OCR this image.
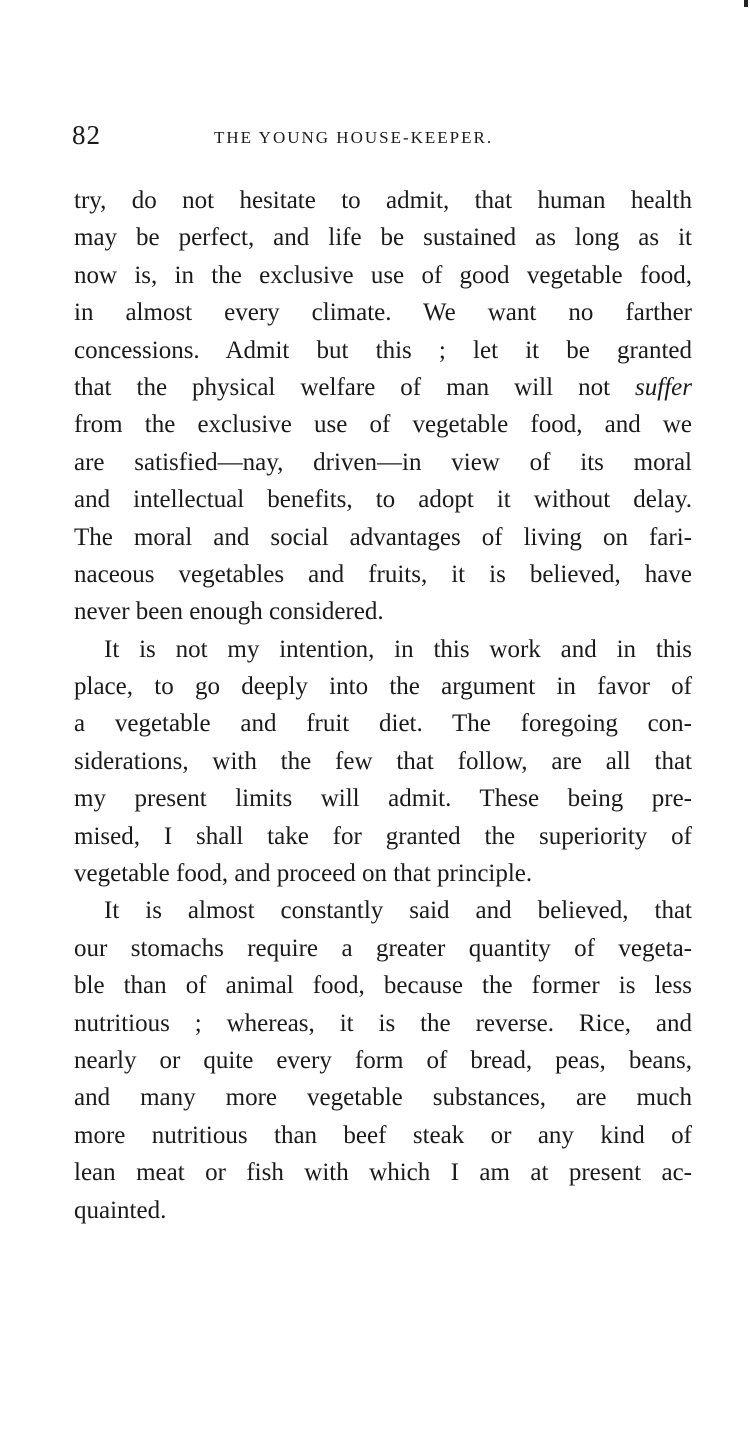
82	THE YOUNG HOUSE-KEEPER.
try, do not hesitate to admit, that human health
may be perfect, and life be sustained as long as it
now is, in the exclusive use of good vegetable food,
in almost every climate. We want no farther
concessions. Admit but this ; let it be granted
that the physical welfare of man will not suffer
from the exclusive use of vegetable food, and we
are satisfied—nay, driven—in view of its moral
and intellectual benefits, to adopt it without delay.
The moral and social advantages of living on fari-
naceous vegetables and fruits, it is believed, have
never been enough considered.
It is not my intention, in this work and in this
place, to go deeply into the argument in favor of
a vegetable and fruit diet. The foregoing con-
siderations, with the few that follow, are all that
my present limits will admit. These being pre-
mised, I shall take for granted the superiority of
vegetable food, and proceed on that principle.
It is almost constantly said and believed, that
our stomachs require a greater quantity of vegeta-
ble than of animal food, because the former is less
nutritious ; whereas, it is the reverse. Rice, and
nearly or quite every form of bread, peas, beans,
and many more vegetable substances, are much
more nutritious than beef steak or any kind of
lean meat or fish with which I am at present ac-
quainted.
